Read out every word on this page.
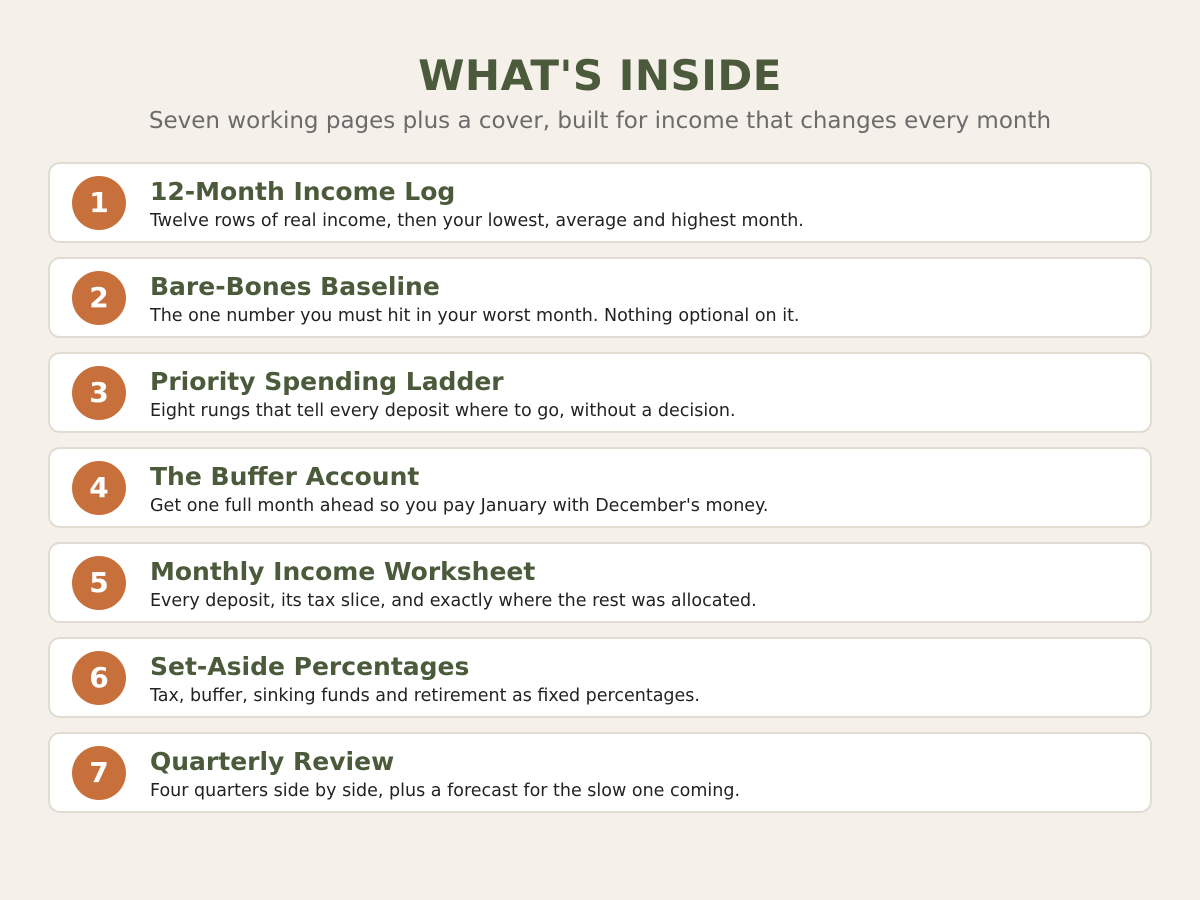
WHAT'S INSIDE

Seven working pages plus a cover, built for income that changes every month

1	12-Month Income Log
Twelve rows of real income, then your lowest, average and highest month.
2	Bare-Bones Baseline
The one number you must hit in your worst month. Nothing optional on it.
3	Priority Spending Ladder
Eight rungs that tell every deposit where to go, without a decision.
4	The Buffer Account
Get one full month ahead so you pay January with December's money.
5	Monthly Income Worksheet
Every deposit, its tax slice, and exactly where the rest was allocated.
6	Set-Aside Percentages
Tax, buffer, sinking funds and retirement as fixed percentages.
7	Quarterly Review
Four quarters side by side, plus a forecast for the slow one coming.
